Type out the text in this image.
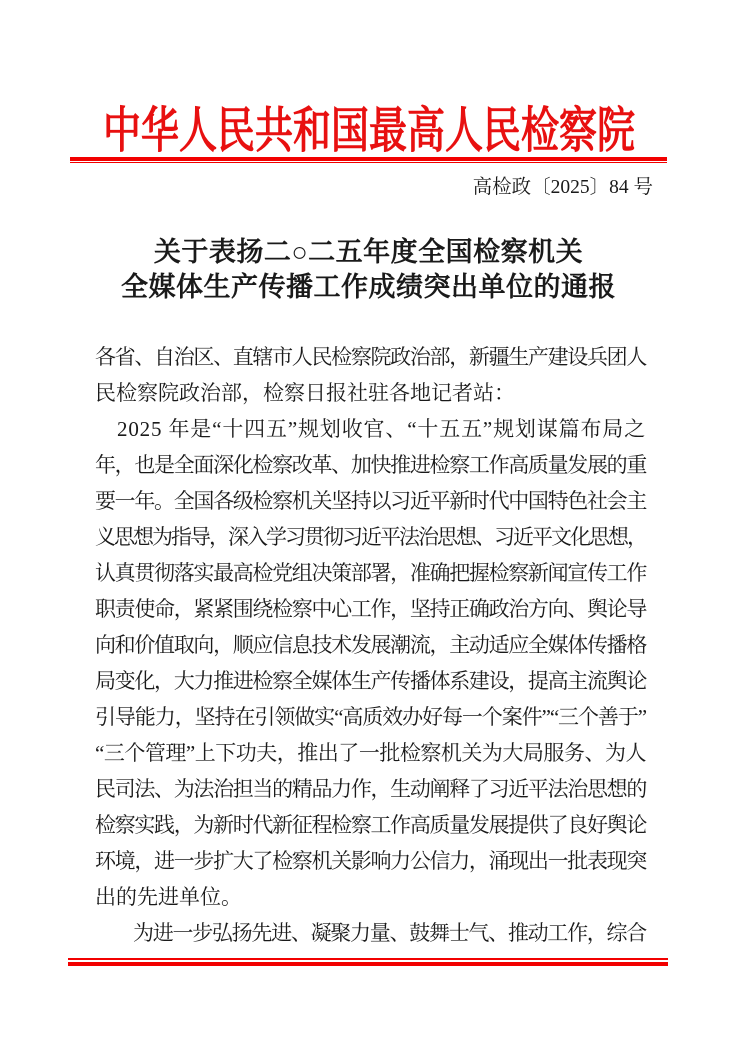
中华人民共和国最高人民检察院
高检政〔2025〕84 号
关于表扬二○二五年度全国检察机关
全媒体生产传播工作成绩突出单位的通报
各省、自治区、直辖市人民检察院政治部，新疆生产建设兵团人
民检察院政治部，检察日报社驻各地记者站：
2025 年是“十四五”规划收官、“十五五”规划谋篇布局之
年，也是全面深化检察改革、加快推进检察工作高质量发展的重
要一年。全国各级检察机关坚持以习近平新时代中国特色社会主
义思想为指导，深入学习贯彻习近平法治思想、习近平文化思想，
认真贯彻落实最高检党组决策部署，准确把握检察新闻宣传工作
职责使命，紧紧围绕检察中心工作，坚持正确政治方向、舆论导
向和价值取向，顺应信息技术发展潮流，主动适应全媒体传播格
局变化，大力推进检察全媒体生产传播体系建设，提高主流舆论
引导能力，坚持在引领做实“高质效办好每一个案件”“三个善于”
“三个管理”上下功夫，推出了一批检察机关为大局服务、为人
民司法、为法治担当的精品力作，生动阐释了习近平法治思想的
检察实践，为新时代新征程检察工作高质量发展提供了良好舆论
环境，进一步扩大了检察机关影响力公信力，涌现出一批表现突
出的先进单位。
为进一步弘扬先进、凝聚力量、鼓舞士气、推动工作，综合
